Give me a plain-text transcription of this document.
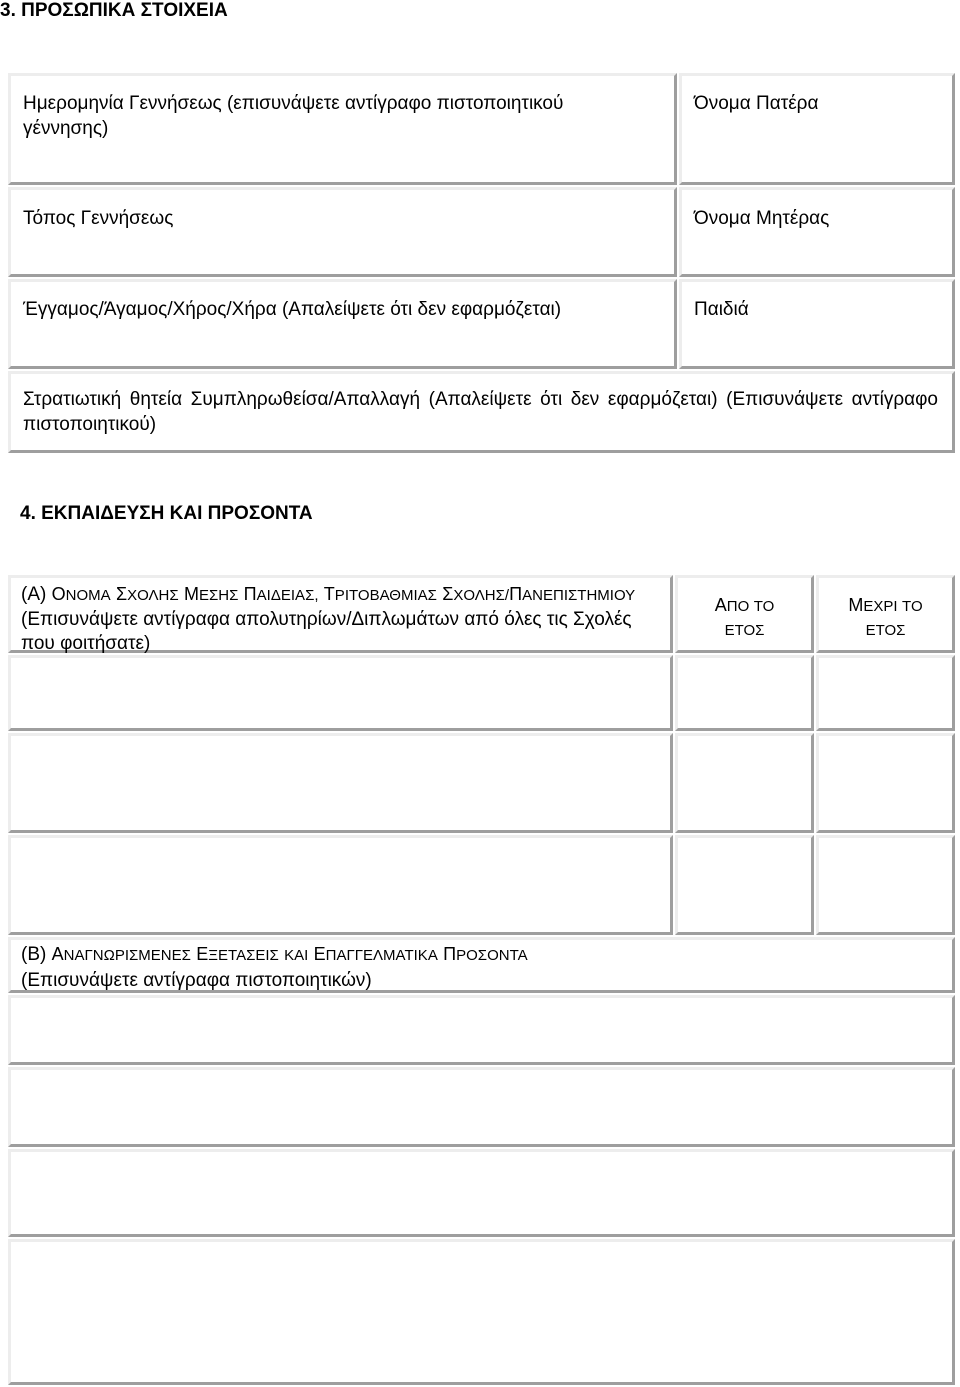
3. ΠΡΟΣΩΠΙΚΑ ΣΤΟΙΧΕΙΑ
Ημερομηνία Γεννήσεως (επισυνάψετε αντίγραφο πιστοποιητικού γέννησης)
Όνομα Πατέρα
Τόπος Γεννήσεως	Όνομα Μητέρας
Έγγαμος/Άγαμος/Χήρος/Χήρα (Απαλείψετε ότι δεν εφαρμόζεται)	Παιδιά
Στρατιωτική θητεία Συμπληρωθείσα/Απαλλαγή (Απαλείψετε ότι δεν εφαρμόζεται) (Επισυνάψετε αντίγραφο πιστοποιητικού)
4. ΕΚΠΑΙΔΕΥΣΗ ΚΑΙ ΠΡΟΣΟΝΤΑ
(Α) ΟΝΟΜΑ ΣΧΟΛΗΣ ΜΕΣΗΣ ΠΑΙΔΕΙΑΣ, ΤΡΙΤΟΒΑΘΜΙΑΣ ΣΧΟΛΗΣ/ΠΑΝΕΠΙΣΤΗΜΙΟΥ (Επισυνάψετε αντίγραφα απολυτηρίων/Διπλωμάτων από όλες τις Σχολές που φοιτήσατε)
ΑΠΟ ΤΟ ΕΤΟΣ
ΜΕΧΡΙ ΤΟ ΕΤΟΣ
(Β) ΑΝΑΓΝΩΡΙΣΜΕΝΕΣ ΕΞΕΤΑΣΕΙΣ ΚΑΙ ΕΠΑΓΓΕΛΜΑΤΙΚΑ ΠΡΟΣΟΝΤΑ
(Επισυνάψετε αντίγραφα πιστοποιητικών)
